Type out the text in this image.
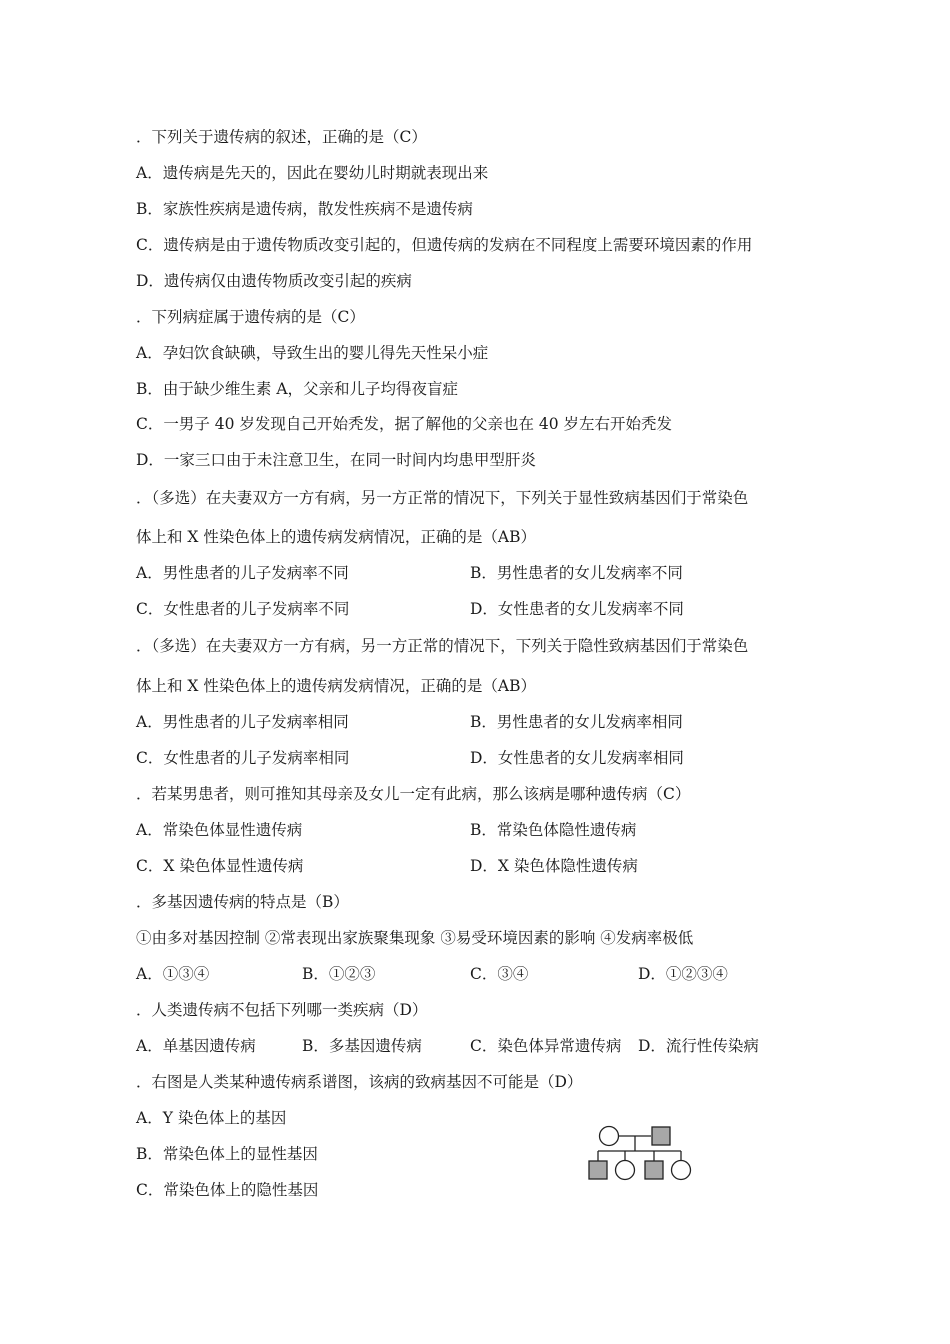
．下列关于遗传病的叙述，正确的是（C）
A．遗传病是先天的，因此在婴幼儿时期就表现出来
B．家族性疾病是遗传病，散发性疾病不是遗传病
C．遗传病是由于遗传物质改变引起的，但遗传病的发病在不同程度上需要环境因素的作用
D．遗传病仅由遗传物质改变引起的疾病
．下列病症属于遗传病的是（C）
A．孕妇饮食缺碘，导致生出的婴儿得先天性呆小症
B．由于缺少维生素 A，父亲和儿子均得夜盲症
C．一男子 40 岁发现自己开始秃发，据了解他的父亲也在 40 岁左右开始秃发
D．一家三口由于未注意卫生，在同一时间内均患甲型肝炎
．（多选）在夫妻双方一方有病，另一方正常的情况下，下列关于显性致病基因们于常染色
体上和 X 性染色体上的遗传病发病情况，正确的是（AB）
A．男性患者的儿子发病率不同	B．男性患者的女儿发病率不同
C．女性患者的儿子发病率不同	D．女性患者的女儿发病率不同
．（多选）在夫妻双方一方有病，另一方正常的情况下，下列关于隐性致病基因们于常染色
体上和 X 性染色体上的遗传病发病情况，正确的是（AB）
A．男性患者的儿子发病率相同	B．男性患者的女儿发病率相同
C．女性患者的儿子发病率相同	D．女性患者的女儿发病率相同
．若某男患者，则可推知其母亲及女儿一定有此病，那么该病是哪种遗传病（C）
A．常染色体显性遗传病	B．常染色体隐性遗传病
C．X 染色体显性遗传病	D．X 染色体隐性遗传病
．多基因遗传病的特点是（B）
①由多对基因控制 ②常表现出家族聚集现象 ③易受环境因素的影响 ④发病率极低
A．①③④	B．①②③	C．③④	D．①②③④
．人类遗传病不包括下列哪一类疾病（D）
A．单基因遗传病	B．多基因遗传病	C．染色体异常遗传病 D．流行性传染病
．右图是人类某种遗传病系谱图，该病的致病基因不可能是（D）
A．Y 染色体上的基因
B．常染色体上的显性基因
C．常染色体上的隐性基因
